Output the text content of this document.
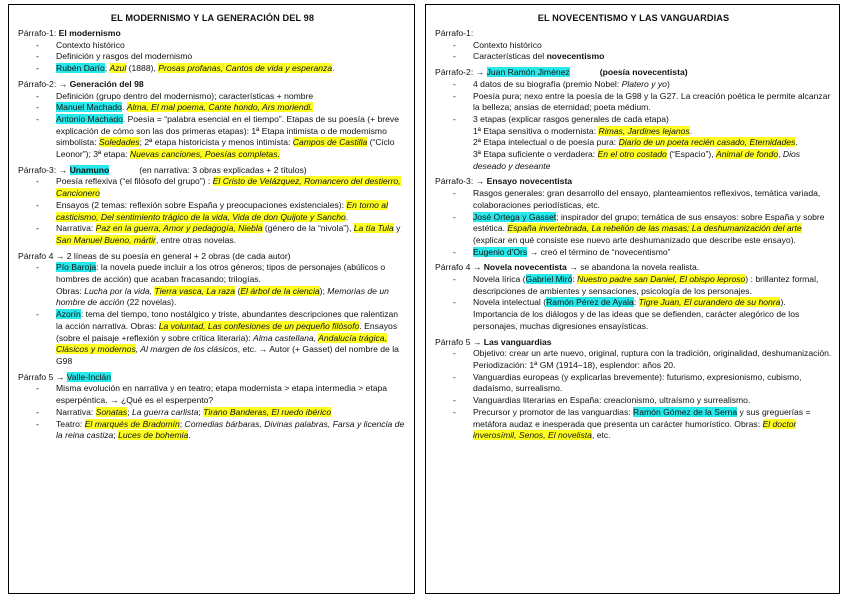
EL MODERNISMO Y LA GENERACIÓN DEL 98
Párrafo-1: El modernismo
- Contexto histórico
- Definición y rasgos del modernismo
- Rubén Darío; Azul (1888), Prosas profanas, Cantos de vida y esperanza.
Párrafo-2: → Generación del 98
- Definición (grupo dentro del modernismo); características + nombre
- Manuel Machado. Alma, El mal poema, Cante hondo, Ars moriendi.
- Antonio Machado. Poesía = “palabra esencial en el tiempo”. Etapas de su poesía (+ breve explicación de cómo son las dos primeras etapas): 1ª Etapa intimista o de modernismo simbolista: Soledades; 2ª etapa historicista y menos intimista: Campos de Castilla (“Ciclo Leonor”); 3ª etapa: Nuevas canciones, Poesías completas.
Párrafo-3: → Unamuno	(en narrativa: 3 obras explicadas + 2 títulos)
- Poesía reflexiva (“el filósofo del grupo”) : El Cristo de Velázquez, Romancero del destierro, Cancionero
- Ensayos (2 temas: reflexión sobre España y preocupaciones existenciales): En torno al casticismo, Del sentimiento trágico de la vida, Vida de don Quijote y Sancho.
- Narrativa: Paz en la guerra, Amor y pedagogía, Niebla (género de la “nivola”), La tía Tula y San Manuel Bueno, mártir, entre otras novelas.
Párrafo 4 → 2 líneas de su poesía en general + 2 obras (de cada autor)
- Pío Baroja: la novela puede incluir a los otros géneros; tipos de personajes (abúlicos o hombres de acción) que acaban fracasando; trilogías.
Obras: Lucha por la vida, Tierra vasca, La raza (El árbol de la ciencia); Memorias de un hombre de acción (22 novelas).
- Azorín: tema del tiempo, tono nostálgico y triste, abundantes descripciones que ralentizan la acción narrativa. Obras: La voluntad, Las confesiones de un pequeño filósofo. Ensayos (sobre el paisaje +reflexión y sobre crítica literaria): Alma castellana, Andalucía trágica, Clásicos y modernos, Al margen de los clásicos, etc. → Autor (+ Gasset) del nombre de la G98
Párrafo 5 → Valle-Inclán
- Misma evolución en narrativa y en teatro; etapa modernista > etapa intermedia > etapa esperpéntica. → ¿Qué es el esperpento?
- Narrativa: Sonatas; La guerra carlista; Tirano Banderas, El ruedo ibérico
- Teatro: El marqués de Bradomín; Comedias bárbaras, Divinas palabras, Farsa y licencia de la reina castiza; Luces de bohemia.
EL NOVECENTISMO Y LAS VANGUARDIAS
Párrafo-1:
- Contexto histórico
- Características del novecentismo
Párrafo-2: → Juan Ramón Jiménez	(poesía novecentista)
- 4 datos de su biografía (premio Nobel: Platero y yo)
- Poesía pura; nexo entre la poesía de la G98 y la G27. La creación poética le permite alcanzar la belleza; ansias de eternidad; poeta médium.
- 3 etapas (explicar rasgos generales de cada etapa)
1ª Etapa sensitiva o modernista: Rimas, Jardines lejanos.
2ª Etapa intelectual o de poesía pura: Diario de un poeta recién casado, Eternidades.
3ª Etapa suficiente o verdadera: En el otro costado (“Espacio”), Animal de fondo, Dios deseado y deseante
Párrafo-3: → Ensayo novecentista
- Rasgos generales: gran desarrollo del ensayo, planteamientos reflexivos, temática variada, colaboraciones periodísticas, etc.
- José Ortega y Gasset; inspirador del grupo; temática de sus ensayos: sobre España y sobre estética. España invertebrada, La rebelión de las masas; La deshumanización del arte (explicar en qué consiste ese nuevo arte deshumanizado que describe este ensayo).
- Eugenio d'Ors → creó el término de “novecentismo”
Párrafo 4 → Novela novecentista → se abandona la novela realista.
- Novela lírica (Gabriel Miró: Nuestro padre san Daniel, El obispo leproso) : brillantez formal, descripciones de ambientes y sensaciones, psicología de los personajes.
- Novela intelectual (Ramón Pérez de Ayala: Tigre Juan, El curandero de su honra). Importancia de los diálogos y de las ideas que se defienden, carácter alegórico de los personajes, muchas digresiones ensayísticas.
Párrafo 5 → Las vanguardias
- Objetivo: crear un arte nuevo, original, ruptura con la tradición, originalidad, deshumanización. Periodización: 1ª GM (1914–18), esplendor: años 20.
- Vanguardias europeas (y explicarlas brevemente): futurismo, expresionismo, cubismo, dadaísmo, surrealismo.
- Vanguardias literarias en España: creacionismo, ultraísmo y surrealismo.
- Precursor y promotor de las vanguardias: Ramón Gómez de la Serna y sus greguerías = metáfora audaz e inesperada que presenta un carácter humorístico. Obras: El doctor inverosímil, Senos, El novelista, etc.
